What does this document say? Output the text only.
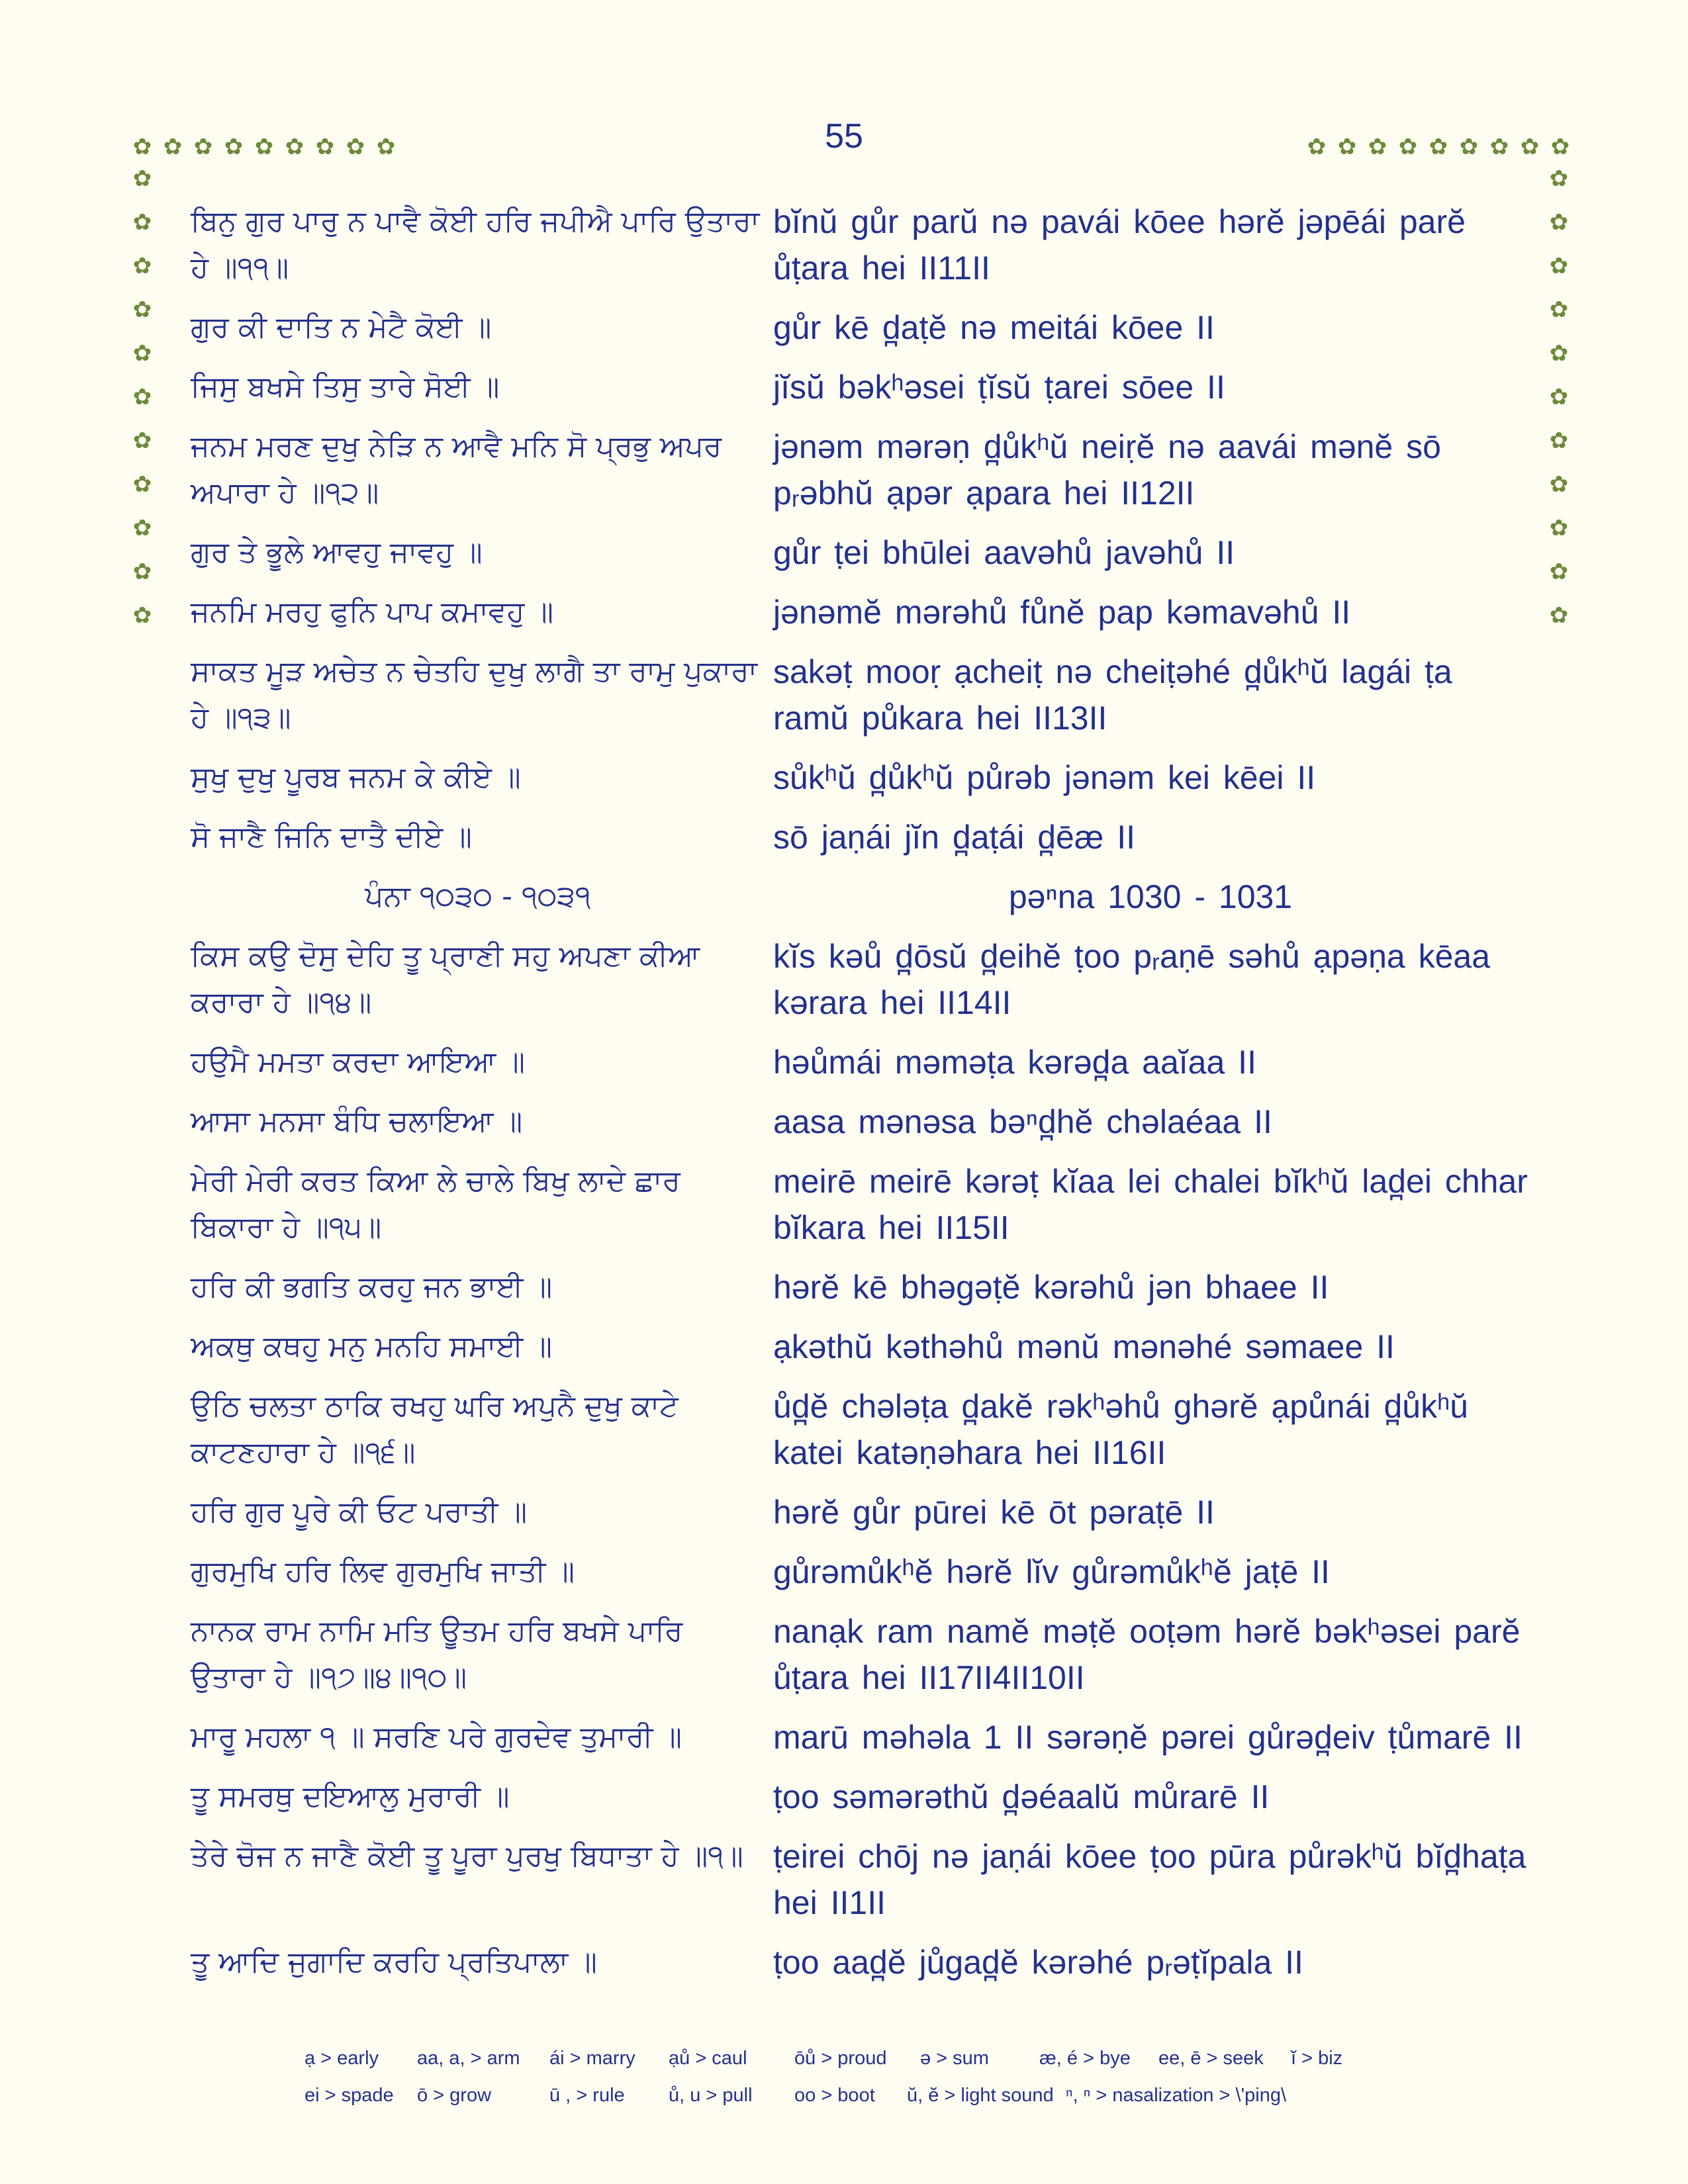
55
✿ ✿ ✿ ✿ ✿ ✿ ✿ ✿ ✿	✿ ✿ ✿ ✿ ✿ ✿ ✿ ✿ ✿
✿
✿
✿
✿
✿
✿
✿
✿
✿
✿
✿
✿
✿
✿
✿
✿
✿
✿
✿
✿
✿
✿
ਬਿਨੁ ਗੁਰ ਪਾਰੁ ਨ ਪਾਵੈ ਕੋਈ ਹਰਿ ਜਪੀਐ ਪਾਰਿ ਉਤਾਰਾ ਹੇ ॥੧੧॥
bĭnŭ gůr parŭ nə pavái kōee hərĕ jəpēái parĕ ůṭara hei II11II
ਗੁਰ ਕੀ ਦਾਤਿ ਨ ਮੇਟੈ ਕੋਈ ॥	gůr kē d̪aṭĕ nə meitái kōee II
ਜਿਸੁ ਬਖਸੇ ਤਿਸੁ ਤਾਰੇ ਸੋਈ ॥	jĭsŭ bəkʰəsei ṭĭsŭ ṭarei sōee II
ਜਨਮ ਮਰਣ ਦੁਖੁ ਨੇੜਿ ਨ ਆਵੈ ਮਨਿ ਸੋ ਪ੍ਰਭੁ ਅਪਰ ਅਪਾਰਾ ਹੇ ॥੧੨॥
jənəm mərəṇ d̪ůkʰŭ neiṛĕ nə aavái mənĕ sō pᵣəbhŭ ạpər ạpara hei II12II
ਗੁਰ ਤੇ ਭੂਲੇ ਆਵਹੁ ਜਾਵਹੁ ॥	gůr ṭei bhūlei aavəhů javəhů II
ਜਨਮਿ ਮਰਹੁ ਫੁਨਿ ਪਾਪ ਕਮਾਵਹੁ ॥	jənəmĕ mərəhů fůnĕ pap kəmavəhů II
ਸਾਕਤ ਮੂੜ ਅਚੇਤ ਨ ਚੇਤਹਿ ਦੁਖੁ ਲਾਗੈ ਤਾ ਰਾਮੁ ਪੁਕਾਰਾ ਹੇ ॥੧੩॥
sakəṭ mooṛ ạcheiṭ nə cheiṭəhé d̪ůkʰŭ lagái ṭa ramŭ půkara hei II13II
ਸੁਖੁ ਦੁਖੁ ਪੂਰਬ ਜਨਮ ਕੇ ਕੀਏ ॥	sůkʰŭ d̪ůkʰŭ půrəb jənəm kei kēei II
ਸੋ ਜਾਣੈ ਜਿਨਿ ਦਾਤੈ ਦੀਏ ॥	sō jaṇái jĭn d̪aṭái d̪ēæ II
ਪੰਨਾ ੧੦੩੦ - ੧੦੩੧	pəⁿna 1030 - 1031
ਕਿਸ ਕਉ ਦੋਸੁ ਦੇਹਿ ਤੂ ਪ੍ਰਾਣੀ ਸਹੁ ਅਪਣਾ ਕੀਆ ਕਰਾਰਾ ਹੇ ॥੧੪॥
kĭs kəů d̪ōsŭ d̪eihĕ ṭoo pᵣaṇē səhů ạpəṇa kēaa kərara hei II14II
ਹਉਮੈ ਮਮਤਾ ਕਰਦਾ ਆਇਆ ॥	həůmái məməṭa kərəd̪a aaĭaa II
ਆਸਾ ਮਨਸਾ ਬੰਧਿ ਚਲਾਇਆ ॥	aasa mənəsa bəⁿd̪hĕ chəlaéaa II
ਮੇਰੀ ਮੇਰੀ ਕਰਤ ਕਿਆ ਲੇ ਚਾਲੇ ਬਿਖੁ ਲਾਦੇ ਛਾਰ ਬਿਕਾਰਾ ਹੇ ॥੧੫॥
meirē meirē kərəṭ kĭaa lei chalei bĭkʰŭ lad̪ei chhar bĭkara hei II15II
ਹਰਿ ਕੀ ਭਗਤਿ ਕਰਹੁ ਜਨ ਭਾਈ ॥	hərĕ kē bhəgəṭĕ kərəhů jən bhaee II
ਅਕਥੁ ਕਥਹੁ ਮਨੁ ਮਨਹਿ ਸਮਾਈ ॥	ạkəthŭ kəthəhů mənŭ mənəhé səmaee II
ਉਠਿ ਚਲਤਾ ਠਾਕਿ ਰਖਹੁ ਘਰਿ ਅਪੁਨੈ ਦੁਖੁ ਕਾਟੇ ਕਾਟਣਹਾਰਾ ਹੇ ॥੧੬॥
ůd̪ĕ chələṭa d̪akĕ rəkʰəhů ghərĕ ạpůnái d̪ůkʰŭ katei katəṇəhara hei II16II
ਹਰਿ ਗੁਰ ਪੂਰੇ ਕੀ ਓਟ ਪਰਾਤੀ ॥	hərĕ gůr pūrei kē ōt pəraṭē II
ਗੁਰਮੁਖਿ ਹਰਿ ਲਿਵ ਗੁਰਮੁਖਿ ਜਾਤੀ ॥	gůrəmůkʰĕ hərĕ lĭv gůrəmůkʰĕ jaṭē II
ਨਾਨਕ ਰਾਮ ਨਾਮਿ ਮਤਿ ਊਤਮ ਹਰਿ ਬਖਸੇ ਪਾਰਿ ਉਤਾਰਾ ਹੇ ॥੧੭॥੪॥੧੦॥
nanạk ram namĕ məṭĕ ooṭəm hərĕ bəkʰəsei parĕ ůṭara hei II17II4II10II
ਮਾਰੂ ਮਹਲਾ ੧ ॥ ਸਰਣਿ ਪਰੇ ਗੁਰਦੇਵ ਤੁਮਾਰੀ ॥	marū məhəla 1 II sərəṇĕ pərei gůrəd̪eiv ṭůmarē II
ਤੂ ਸਮਰਥੁ ਦਇਆਲੁ ਮੁਰਾਰੀ ॥	ṭoo səmərəthŭ d̪əéaalŭ můrarē II
ਤੇਰੇ ਚੋਜ ਨ ਜਾਣੈ ਕੋਈ ਤੂ ਪੂਰਾ ਪੁਰਖੁ ਬਿਧਾਤਾ ਹੇ ॥੧॥ ṭeirei chōj nə jaṇái kōee ṭoo pūra půrəkʰŭ bĭd̪haṭa hei II1II
ਤੂ ਆਦਿ ਜੁਗਾਦਿ ਕਰਹਿ ਪ੍ਰਤਿਪਾਲਾ ॥	ṭoo aad̪ĕ jůgad̪ĕ kərəhé pᵣəṭĭpala II
ạ > early	aa, a, > arm	ái > marry	ạů > caul	ōů > proud	ə > sum	æ, é > bye	ee, ē > seek	ĭ > biz
ei > spade	ō > grow	ū , > rule	ů, u > pull	oo > boot	ŭ, ĕ > light sound ⁿ, ⁿ > nasalization > \'ping\
